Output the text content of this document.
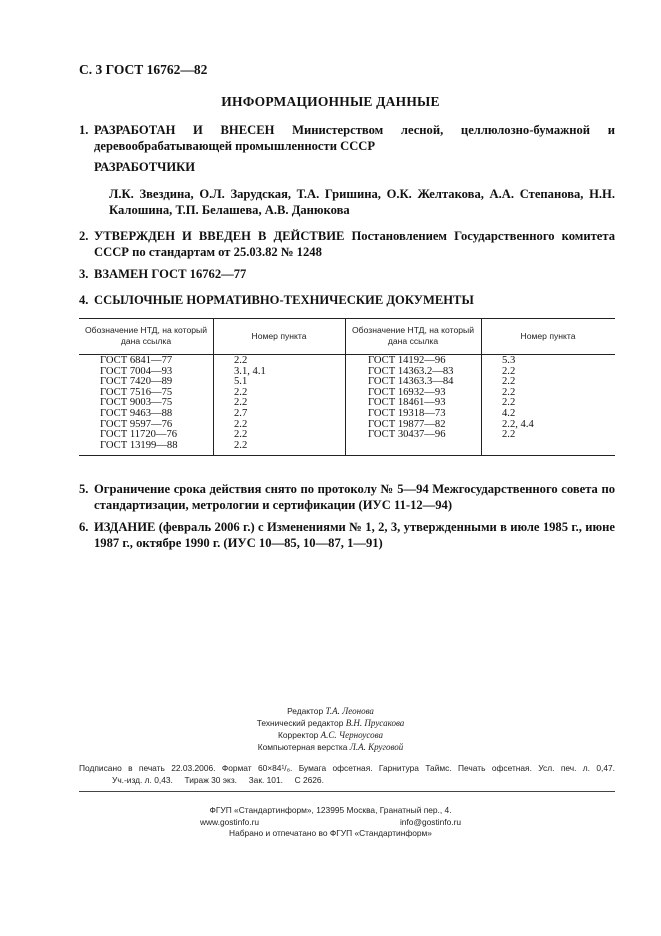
С. 3 ГОСТ 16762—82
ИНФОРМАЦИОННЫЕ ДАННЫЕ
1. РАЗРАБОТАН И ВНЕСЕН Министерством лесной, целлюлозно-бумажной и деревообрабатывающей промышленности СССР
РАЗРАБОТЧИКИ
Л.К. Звездина, О.Л. Зарудская, Т.А. Гришина, О.К. Желтакова, А.А. Степанова, Н.Н. Калошина, Т.П. Белашева, А.В. Данюкова
2. УТВЕРЖДЕН И ВВЕДЕН В ДЕЙСТВИЕ Постановлением Государственного комитета СССР по стандартам от 25.03.82 № 1248
3. ВЗАМЕН ГОСТ 16762—77
4. ССЫЛОЧНЫЕ НОРМАТИВНО-ТЕХНИЧЕСКИЕ ДОКУМЕНТЫ
Обозначение НТД, на который дана ссылка
Номер пункта
Обозначение НТД, на который дана ссылка
Номер пункта
ГОСТ 6841—77
ГОСТ 7004—93
ГОСТ 7420—89
ГОСТ 7516—75
ГОСТ 9003—75
ГОСТ 9463—88
ГОСТ 9597—76
ГОСТ 11720—76
ГОСТ 13199—88
2.2
3.1, 4.1
5.1
2.2
2.2
2.7
2.2
2.2
2.2
ГОСТ 14192—96
ГОСТ 14363.2—83
ГОСТ 14363.3—84
ГОСТ 16932—93
ГОСТ 18461—93
ГОСТ 19318—73
ГОСТ 19877—82
ГОСТ 30437—96
5.3
2.2
2.2
2.2
2.2
4.2
2.2, 4.4
2.2
5. Ограничение срока действия снято по протоколу № 5—94 Межгосударственного совета по стандартизации, метрологии и сертификации (ИУС 11-12—94)
6. ИЗДАНИЕ (февраль 2006 г.) с Изменениями № 1, 2, 3, утвержденными в июле 1985 г., июне 1987 г., октябре 1990 г. (ИУС 10—85, 10—87, 1—91)
Редактор Т.А. Леонова
Технический редактор В.Н. Прусакова
Корректор А.С. Черноусова
Компьютерная верстка Л.А. Круговой
Подписано в печать 22.03.2006. Формат 60×84¹/₈. Бумага офсетная. Гарнитура Таймс. Печать офсетная. Усл. печ. л. 0,47.
Уч.-изд. л. 0,43.     Тираж 30 экз.     Зак. 101.     С 2626.
ФГУП «Стандартинформ», 123995 Москва, Гранатный пер., 4.
www.gostinfo.ru	info@gostinfo.ru
Набрано и отпечатано во ФГУП «Стандартинформ»
